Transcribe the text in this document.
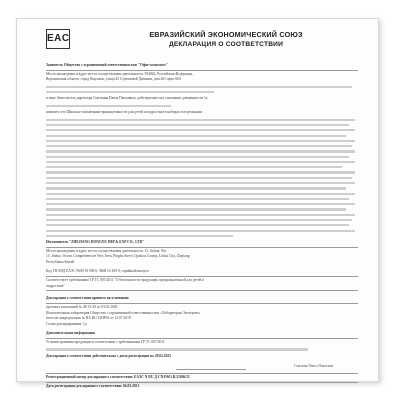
EAC	ЕВРАЗИЙСКИЙ ЭКОНОМИЧЕСКИЙ СОЮЗ
ДЕКЛАРАЦИЯ О СООТВЕТСТВИИ
Заявитель Общество с ограниченной ответственностью "Офис-комплект"
Место нахождения и адрес места осуществления деятельности: 394026, Российская Федерация,
Воронежская область, город Воронеж, улица 45 Стрелковой Дивизии, дом 261 офис 604
в лице Заместитель директора Сметкина Павла Павловича, действующего на основании доверенности №
заявляет, что Школьно-письменные принадлежности для детей и подростков в наборах и отдельными
Изготовитель "ZHEJIANG HONGYE IMP & EXP CO., LTD"
Место нахождения и адрес места осуществления деятельности: 15, Jinhua, Wu
15, Jinhua, Ocean, Comprehensive New Area, Pinghu Street, Quzhou County, Lishui City, Zhejiang
Республика Китай
Код ТН ВЭД ЕАЭС 9609 10 900 0, 9608 10 100 0, серийный выпуск
Соответствует требованиям ТР ТС 007/2011 "О безопасности продукции, предназначенной для детей и
подростков"
Декларация о соответствии принята на основании
протокол испытаний № 48-15-20 от 03.02.2020
Испытательная лаборатория Общество с ограниченной ответственностью «Лаборатория Экспертиз»
аттестат аккредитации № RA.RU.21HP61 от 12.07.2019
Схема декларирования: 1д
Дополнительная информация
Условия хранения продукции в соответствии с требованиями ТР ТС 007/2011
Декларация о соответствии действительна с даты регистрации по 28.02.2025
Сметкин Павел Павлович
Регистрационный номер декларации о соответствии: ЕАЭС N RU Д-CN.РА01.В.21846/21
Дата регистрации декларации о соответствии: 04.03.2021
